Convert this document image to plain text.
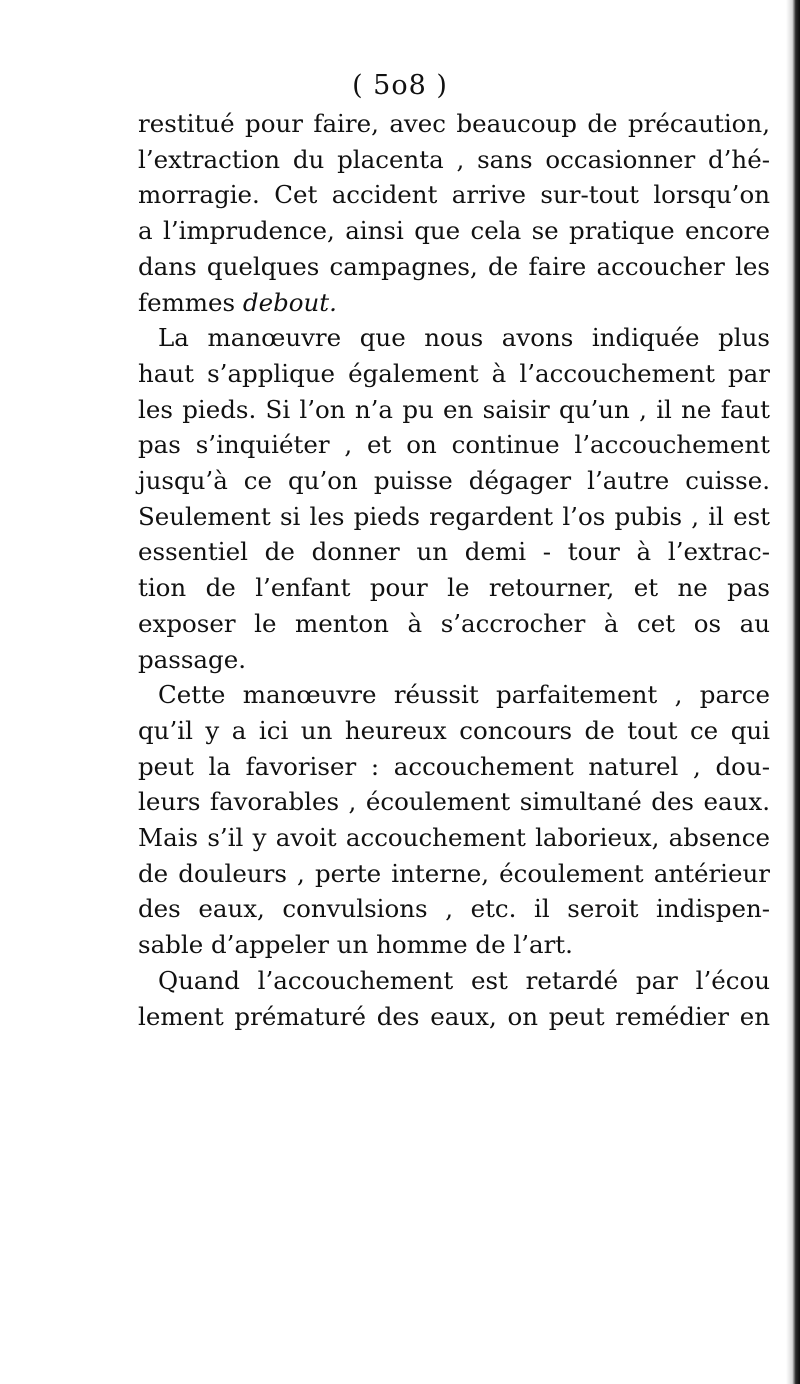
( 5o8 )
restitué pour faire, avec beaucoup de précaution,
l’extraction du placenta , sans occasionner d’hé-
morragie. Cet accident arrive sur-tout lorsqu’on
a l’imprudence, ainsi que cela se pratique encore
dans quelques campagnes, de faire accoucher les
femmes debout.
La manœuvre que nous avons indiquée plus
haut s’applique également à l’accouchement par
les pieds. Si l’on n’a pu en saisir qu’un , il ne faut
pas s’inquiéter , et on continue l’accouchement
jusqu’à ce qu’on puisse dégager l’autre cuisse.
Seulement si les pieds regardent l’os pubis , il est
essentiel de donner un demi - tour à l’extrac-
tion de l’enfant pour le retourner, et ne pas
exposer le menton à s’accrocher à cet os au
passage.
Cette manœuvre réussit parfaitement , parce
qu’il y a ici un heureux concours de tout ce qui
peut la favoriser : accouchement naturel , dou-
leurs favorables , écoulement simultané des eaux.
Mais s’il y avoit accouchement laborieux, absence
de douleurs , perte interne, écoulement antérieur
des eaux, convulsions , etc. il seroit indispen-
sable d’appeler un homme de l’art.
Quand l’accouchement est retardé par l’écou
lement prématuré des eaux, on peut remédier en
